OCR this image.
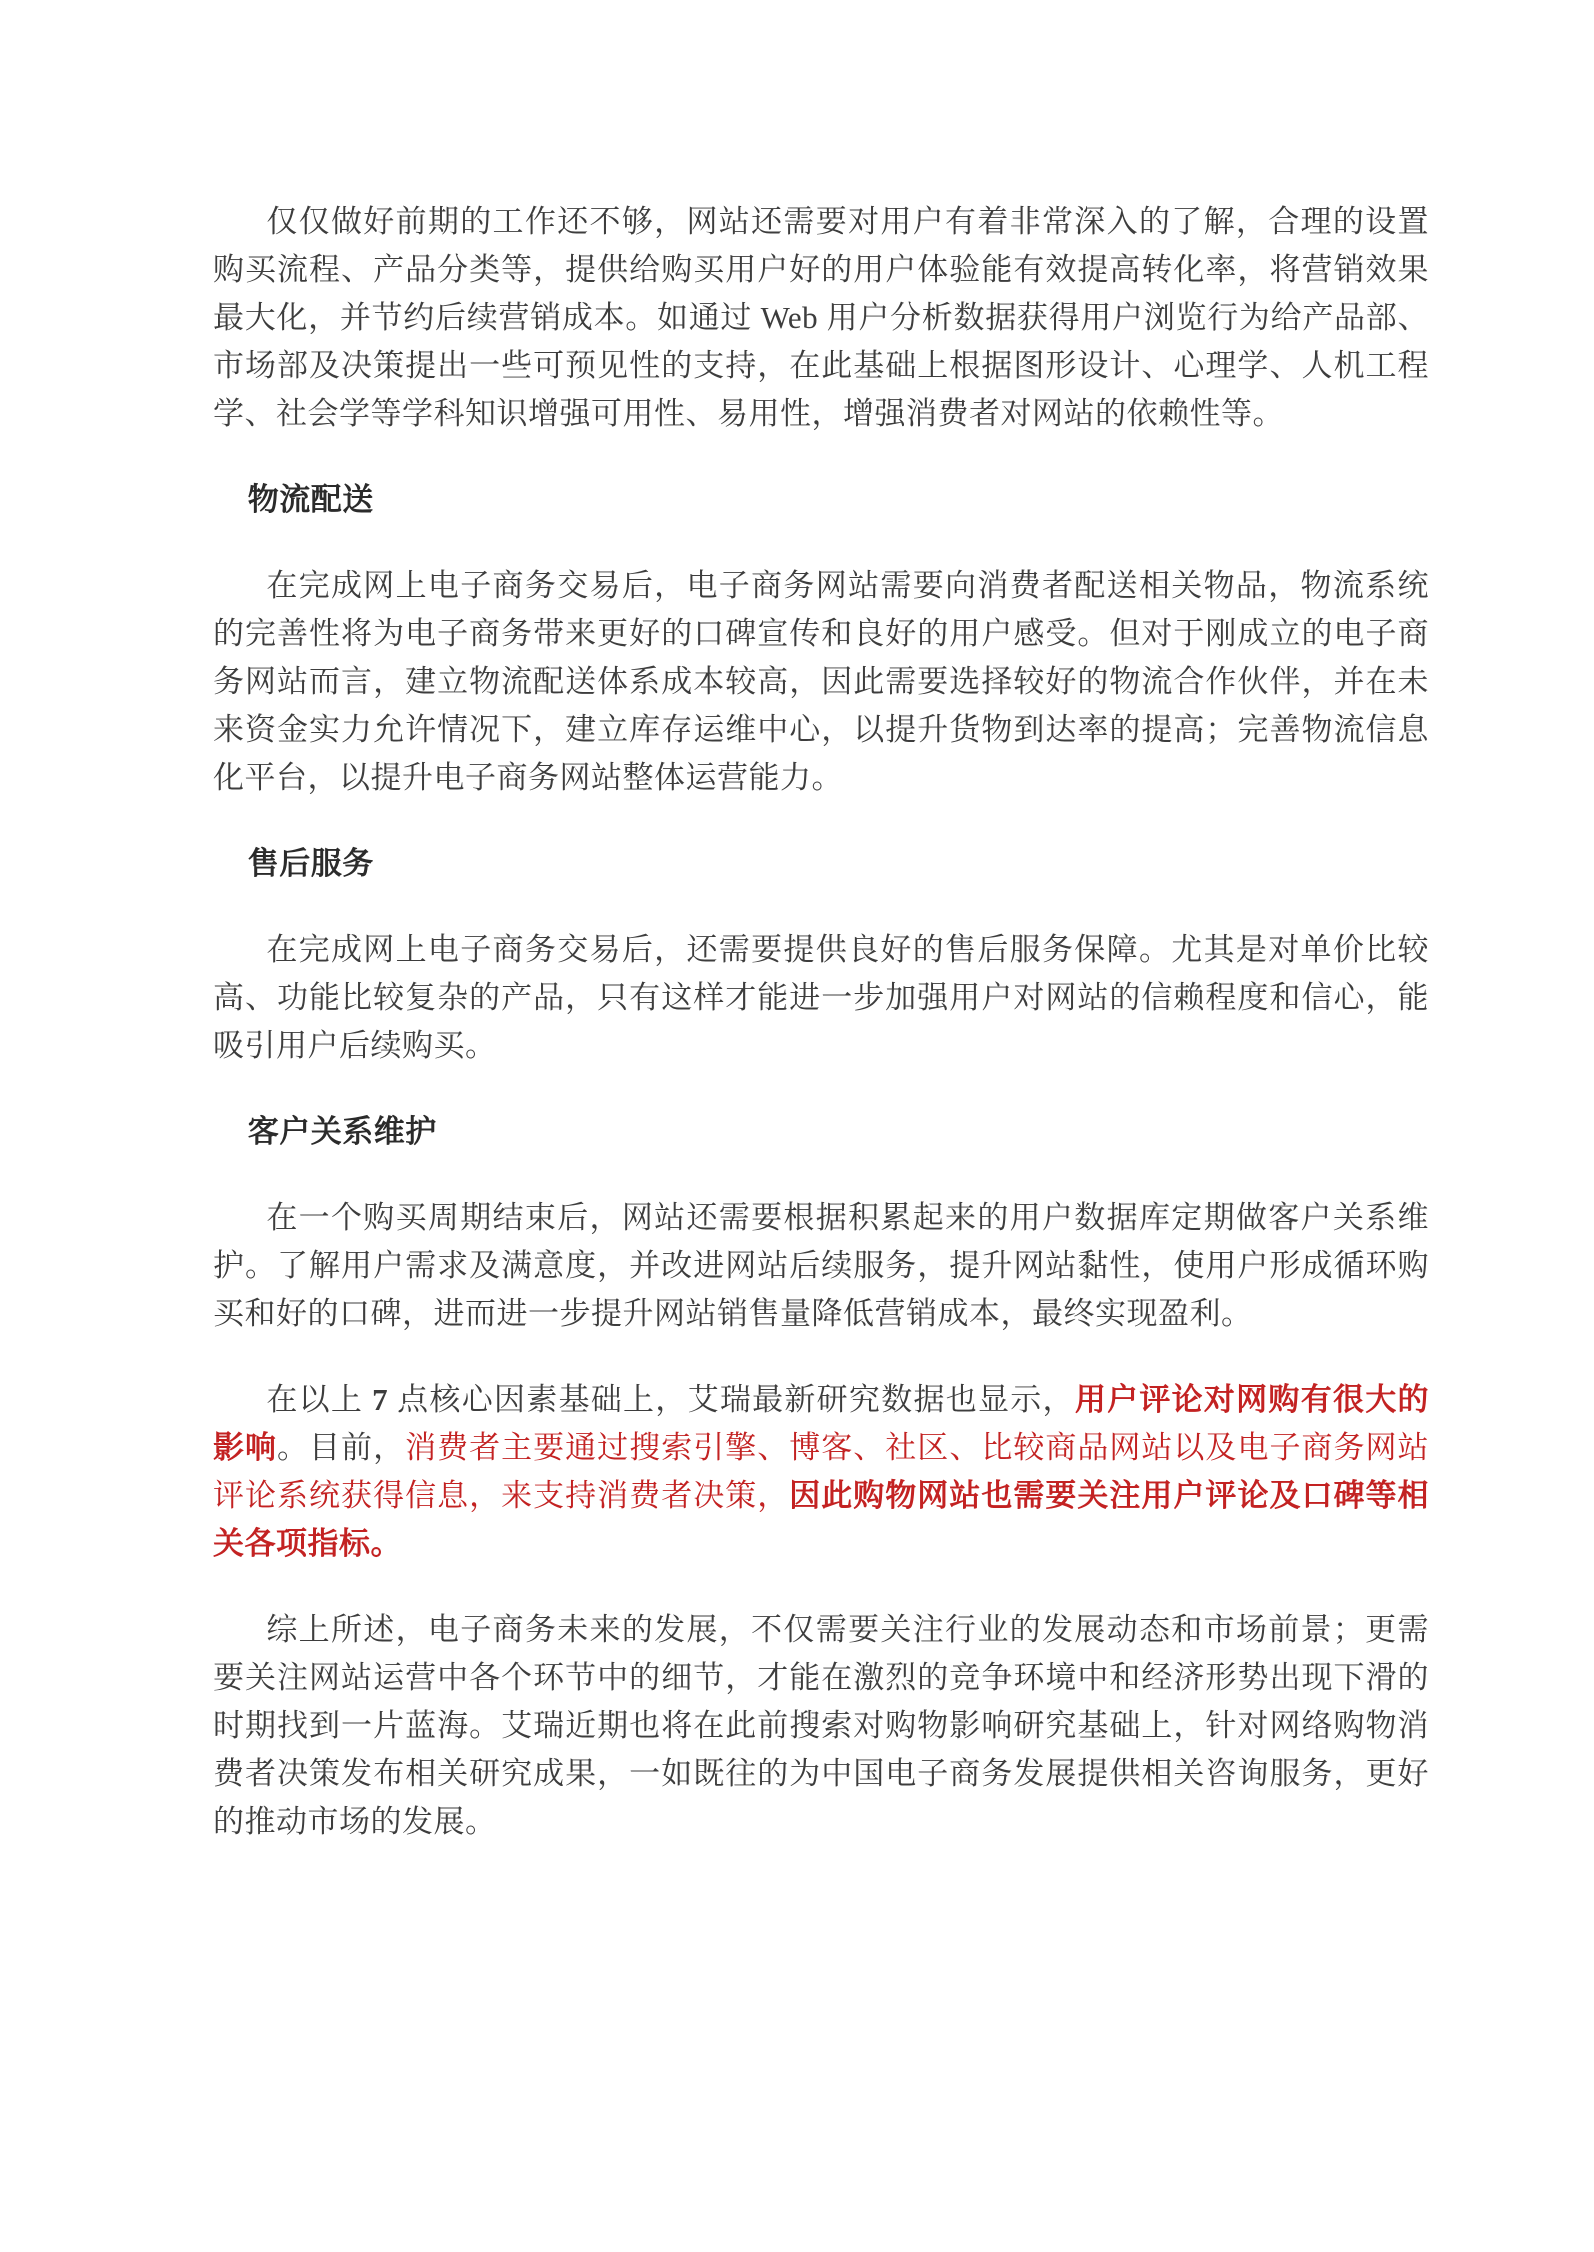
仅仅做好前期的工作还不够，网站还需要对用户有着非常深入的了解，合理的设置购买流程、产品分类等，提供给购买用户好的用户体验能有效提高转化率，将营销效果最大化，并节约后续营销成本。如通过 Web 用户分析数据获得用户浏览行为给产品部、市场部及决策提出一些可预见性的支持，在此基础上根据图形设计、心理学、人机工程学、社会学等学科知识增强可用性、易用性，增强消费者对网站的依赖性等。

物流配送

在完成网上电子商务交易后，电子商务网站需要向消费者配送相关物品，物流系统的完善性将为电子商务带来更好的口碑宣传和良好的用户感受。但对于刚成立的电子商务网站而言，建立物流配送体系成本较高，因此需要选择较好的物流合作伙伴，并在未来资金实力允许情况下，建立库存运维中心，以提升货物到达率的提高；完善物流信息化平台，以提升电子商务网站整体运营能力。

售后服务

在完成网上电子商务交易后，还需要提供良好的售后服务保障。尤其是对单价比较高、功能比较复杂的产品，只有这样才能进一步加强用户对网站的信赖程度和信心，能吸引用户后续购买。

客户关系维护

在一个购买周期结束后，网站还需要根据积累起来的用户数据库定期做客户关系维护。了解用户需求及满意度，并改进网站后续服务，提升网站黏性，使用户形成循环购买和好的口碑，进而进一步提升网站销售量降低营销成本，最终实现盈利。

在以上 7 点核心因素基础上，艾瑞最新研究数据也显示，用户评论对网购有很大的影响。目前，消费者主要通过搜索引擎、博客、社区、比较商品网站以及电子商务网站评论系统获得信息，来支持消费者决策，因此购物网站也需要关注用户评论及口碑等相关各项指标。

综上所述，电子商务未来的发展，不仅需要关注行业的发展动态和市场前景；更需要关注网站运营中各个环节中的细节，才能在激烈的竞争环境中和经济形势出现下滑的时期找到一片蓝海。艾瑞近期也将在此前搜索对购物影响研究基础上，针对网络购物消费者决策发布相关研究成果，一如既往的为中国电子商务发展提供相关咨询服务，更好的推动市场的发展。
